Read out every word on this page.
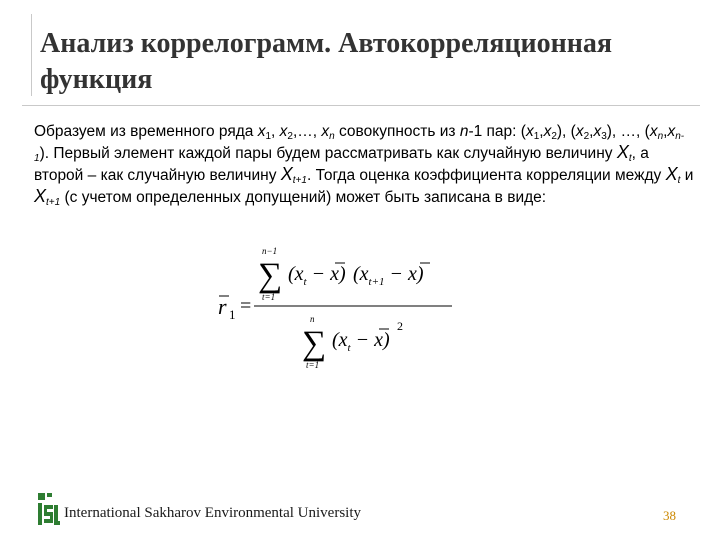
Анализ коррелограмм. Автокорреляционная функция

Образуем из временного ряда $x_1$, $x_2,\dots$, $x_n$ совокупность из n-1 пар: $(x_1,x_2)$, $(x_2,x_3)$, …, $(x_n,x_{n-1})$. Первый элемент каждой пары будем рассматривать как случайную величину $X_t$, а второй – как случайную величину $X_{t+1}$. Тогда оценка коэффициента корреляции между $X_t$ и $X_{t+1}$ (с учетом определенных допущений) может быть записана в виде:

r 1 =
n−1
∑
t=1
$(x_t - x) (x_{t+1} - x)$
n
∑
t=1
$(x_t - x)$
2
International Sakharov Environmental University	38
